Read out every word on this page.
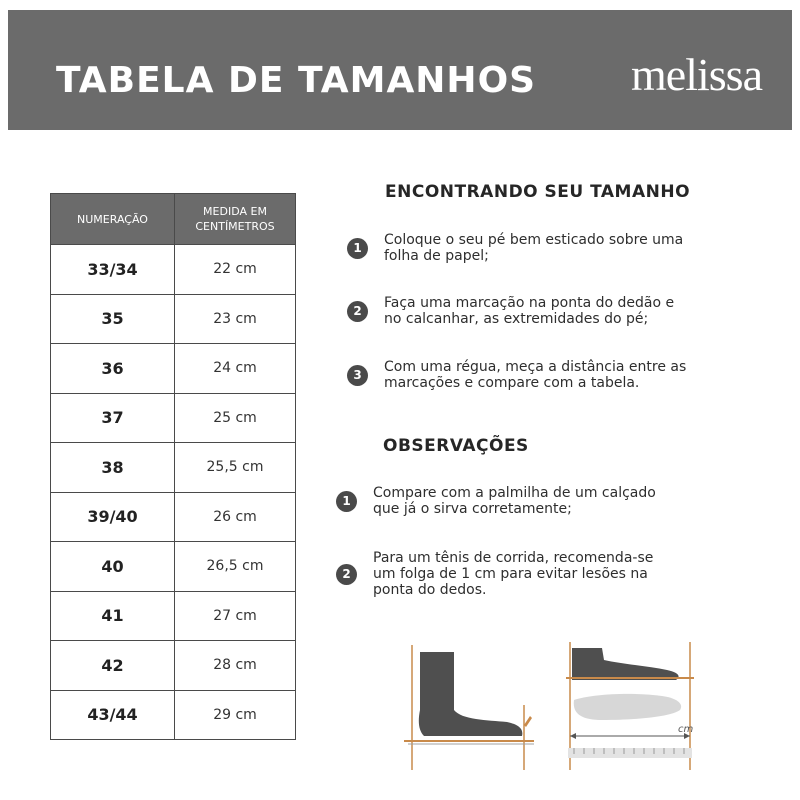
TABELA DE TAMANHOS melissa
NUMERAÇÃO	MEDIDA EM
CENTÍMETROS
33/34	22 cm
35	23 cm
36	24 cm
37	25 cm
38	25,5 cm
39/40	26 cm
40	26,5 cm
41	27 cm
42	28 cm
43/44	29 cm
ENCONTRANDO SEU TAMANHO
1	Coloque o seu pé bem esticado sobre uma
folha de papel;
2	Faça uma marcação na ponta do dedão e
no calcanhar, as extremidades do pé;
3	Com uma régua, meça a distância entre as
marcações e compare com a tabela.
OBSERVAÇÕES
1	Compare com a palmilha de um calçado
que já o sirva corretamente;
2
Para um tênis de corrida, recomenda-se
um folga de 1 cm para evitar lesões na
ponta do dedos.
cm
